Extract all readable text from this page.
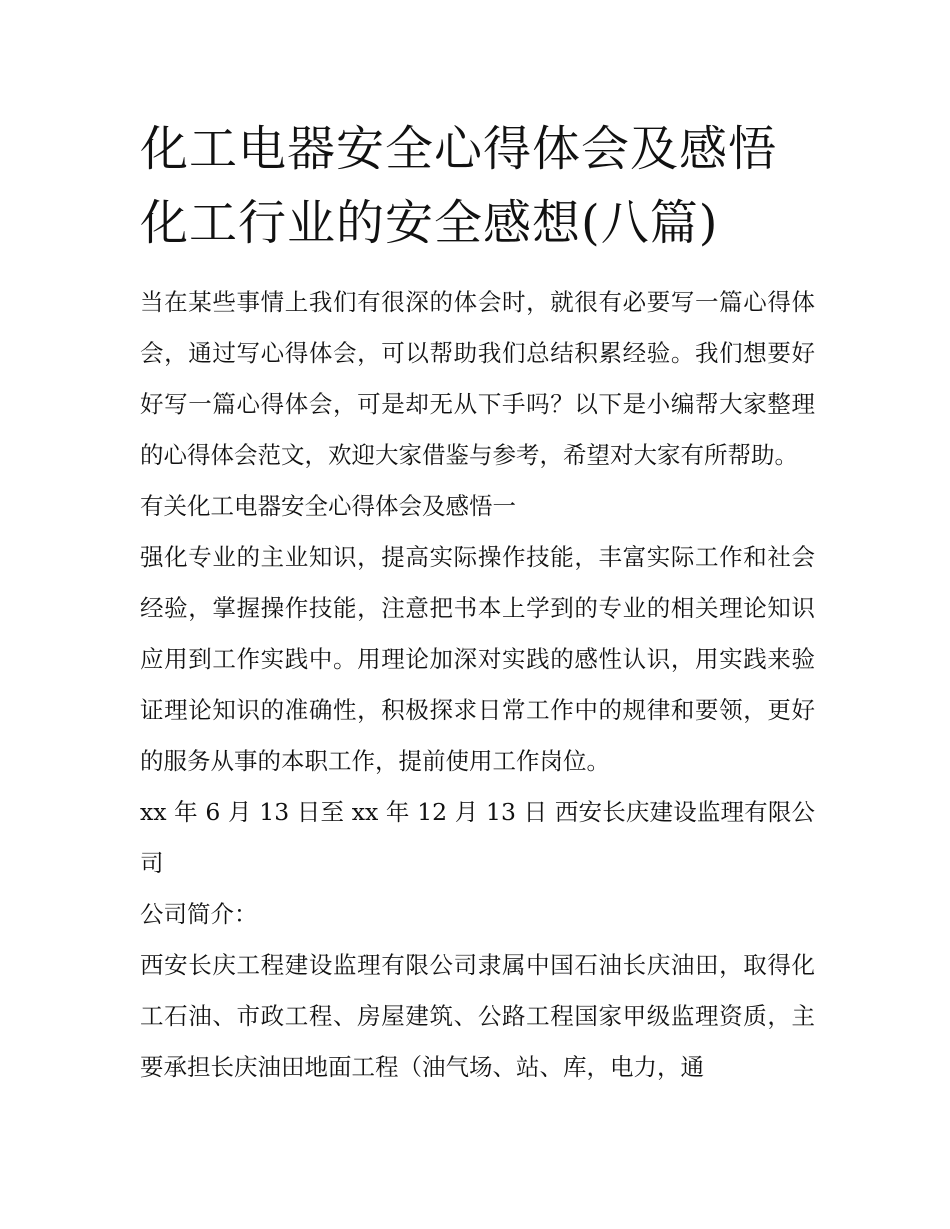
化工电器安全心得体会及感悟
化工行业的安全感想(八篇)

当在某些事情上我们有很深的体会时，就很有必要写一篇心得体会，通过写心得体会，可以帮助我们总结积累经验。我们想要好好写一篇心得体会，可是却无从下手吗？以下是小编帮大家整理的心得体会范文，欢迎大家借鉴与参考，希望对大家有所帮助。

有关化工电器安全心得体会及感悟一

强化专业的主业知识，提高实际操作技能，丰富实际工作和社会经验，掌握操作技能，注意把书本上学到的专业的相关理论知识应用到工作实践中。用理论加深对实践的感性认识，用实践来验证理论知识的准确性，积极探求日常工作中的规律和要领，更好的服务从事的本职工作，提前使用工作岗位。

xx 年 6 月 13 日至 xx 年 12 月 13 日 西安长庆建设监理有限公司

公司简介：

西安长庆工程建设监理有限公司隶属中国石油长庆油田，取得化工石油、市政工程、房屋建筑、公路工程国家甲级监理资质，主要承担长庆油田地面工程（油气场、站、库，电力，通
